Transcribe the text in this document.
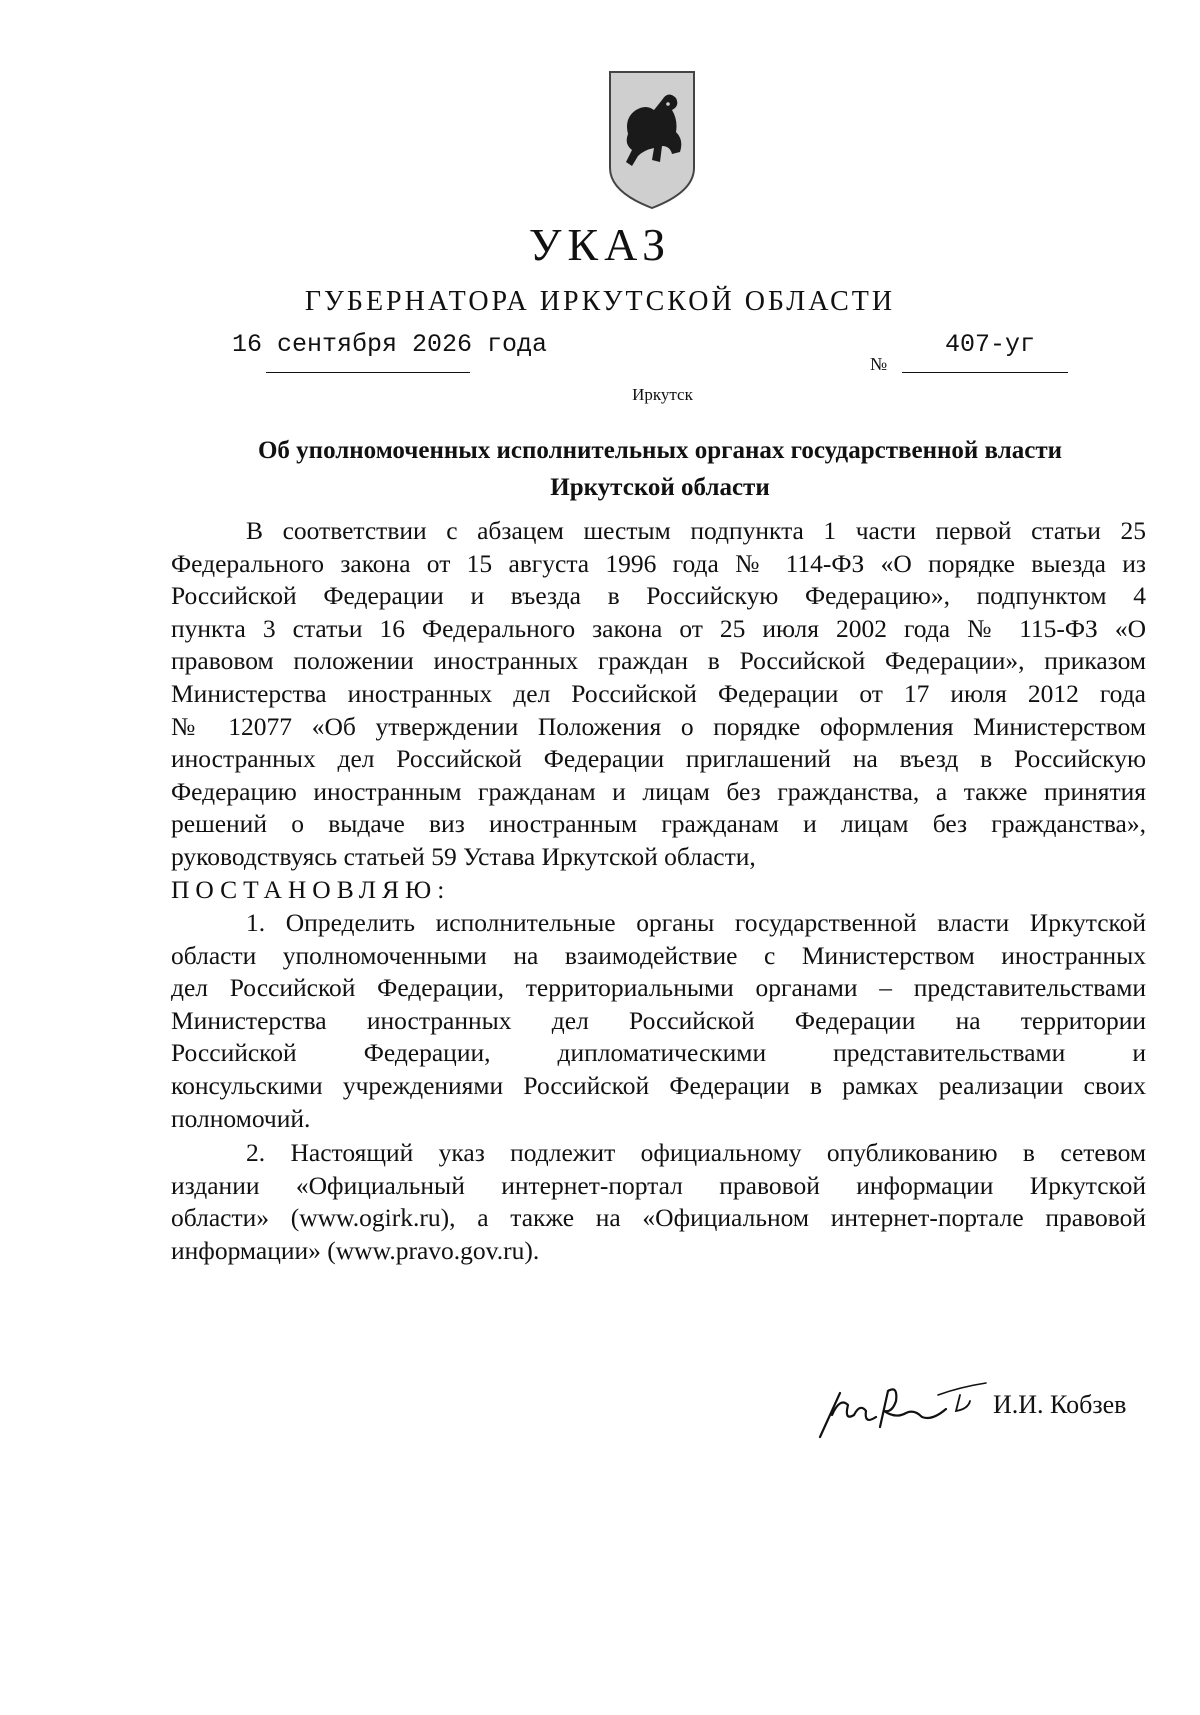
УКАЗ
ГУБЕРНАТОРА ИРКУТСКОЙ ОБЛАСТИ
16 сентября 2026 года
№
407-уг
Иркутск
Об уполномоченных исполнительных органах государственной власти
Иркутской области
В соответствии с абзацем шестым подпункта 1 части первой статьи 25
Федерального закона от 15 августа 1996 года № 114-ФЗ «О порядке выезда из
Российской Федерации и въезда в Российскую Федерацию», подпунктом 4
пункта 3 статьи 16 Федерального закона от 25 июля 2002 года № 115-ФЗ «О
правовом положении иностранных граждан в Российской Федерации», приказом
Министерства иностранных дел Российской Федерации от 17 июля 2012 года
№ 12077 «Об утверждении Положения о порядке оформления Министерством
иностранных дел Российской Федерации приглашений на въезд в Российскую
Федерацию иностранным гражданам и лицам без гражданства, а также принятия
решений о выдаче виз иностранным гражданам и лицам без гражданства»,
руководствуясь статьей 59 Устава Иркутской области,
ПОСТАНОВЛЯЮ:
1. Определить исполнительные органы государственной власти Иркутской
области уполномоченными на взаимодействие с Министерством иностранных
дел Российской Федерации, территориальными органами – представительствами
Министерства иностранных дел Российской Федерации на территории
Российской Федерации, дипломатическими представительствами и
консульскими учреждениями Российской Федерации в рамках реализации своих
полномочий.
2. Настоящий указ подлежит официальному опубликованию в сетевом
издании «Официальный интернет-портал правовой информации Иркутской
области» (www.ogirk.ru), а также на «Официальном интернет-портале правовой
информации» (www.pravo.gov.ru).
И.И. Кобзев
